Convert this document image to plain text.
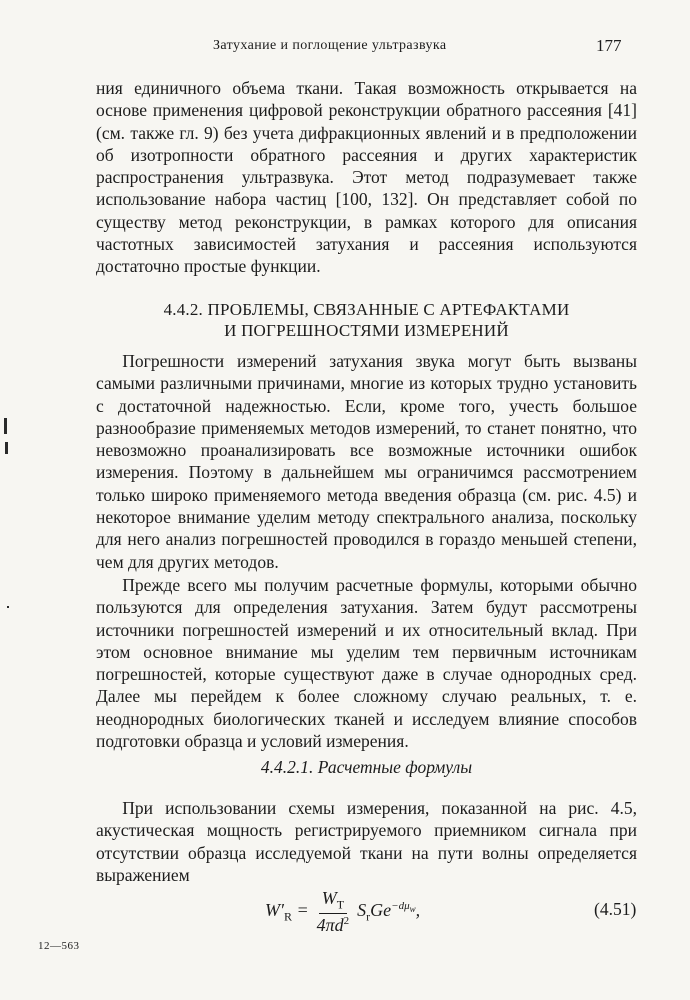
Затухание и поглощение ультразвука	177

ния единичного объема ткани. Такая возможность открывается на основе применения цифровой реконструкции обратного рассеяния [41] (см. также гл. 9) без учета дифракционных явлений и в предположении об изотропности обратного рассеяния и других характеристик распространения ультразвука. Этот метод подразумевает также использование набора частиц [100, 132]. Он представляет собой по существу метод реконструкции, в рамках которого для описания частотных зависимостей затухания и рассеяния используются достаточно простые функции.

4.4.2. ПРОБЛЕМЫ, СВЯЗАННЫЕ С АРТЕФАКТАМИ
И ПОГРЕШНОСТЯМИ ИЗМЕРЕНИЙ

  Погрешности измерений затухания звука могут быть вызваны самыми различными причинами, многие из которых трудно установить с достаточной надежностью. Если, кроме того, учесть большое разнообразие применяемых методов измерений, то станет понятно, что невозможно проанализировать все возможные источники ошибок измерения. Поэтому в дальнейшем мы ограничимся рассмотрением только широко применяемого метода введения образца (см. рис. 4.5) и некоторое внимание уделим методу спектрального анализа, поскольку для него анализ погрешностей проводился в гораздо меньшей степени, чем для других методов.

  Прежде всего мы получим расчетные формулы, которыми обычно пользуются для определения затухания. Затем будут рассмотрены источники погрешностей измерений и их относительный вклад. При этом основное внимание мы уделим тем первичным источникам погрешностей, которые существуют даже в случае однородных сред. Далее мы перейдем к более сложному случаю реальных, т. е. неоднородных биологических тканей и исследуем влияние способов подготовки образца и условий измерения.

4.4.2.1. Расчетные формулы

  При использовании схемы измерения, показанной на рис. 4.5, акустическая мощность регистрируемого приемником сигнала при отсутствии образца исследуемой ткани на пути волны определяется выражением

$W'_R = \frac{W_T}{4\pi d^2} S_rGe^{-d\mu_w}$,	(4.51)
12—563
